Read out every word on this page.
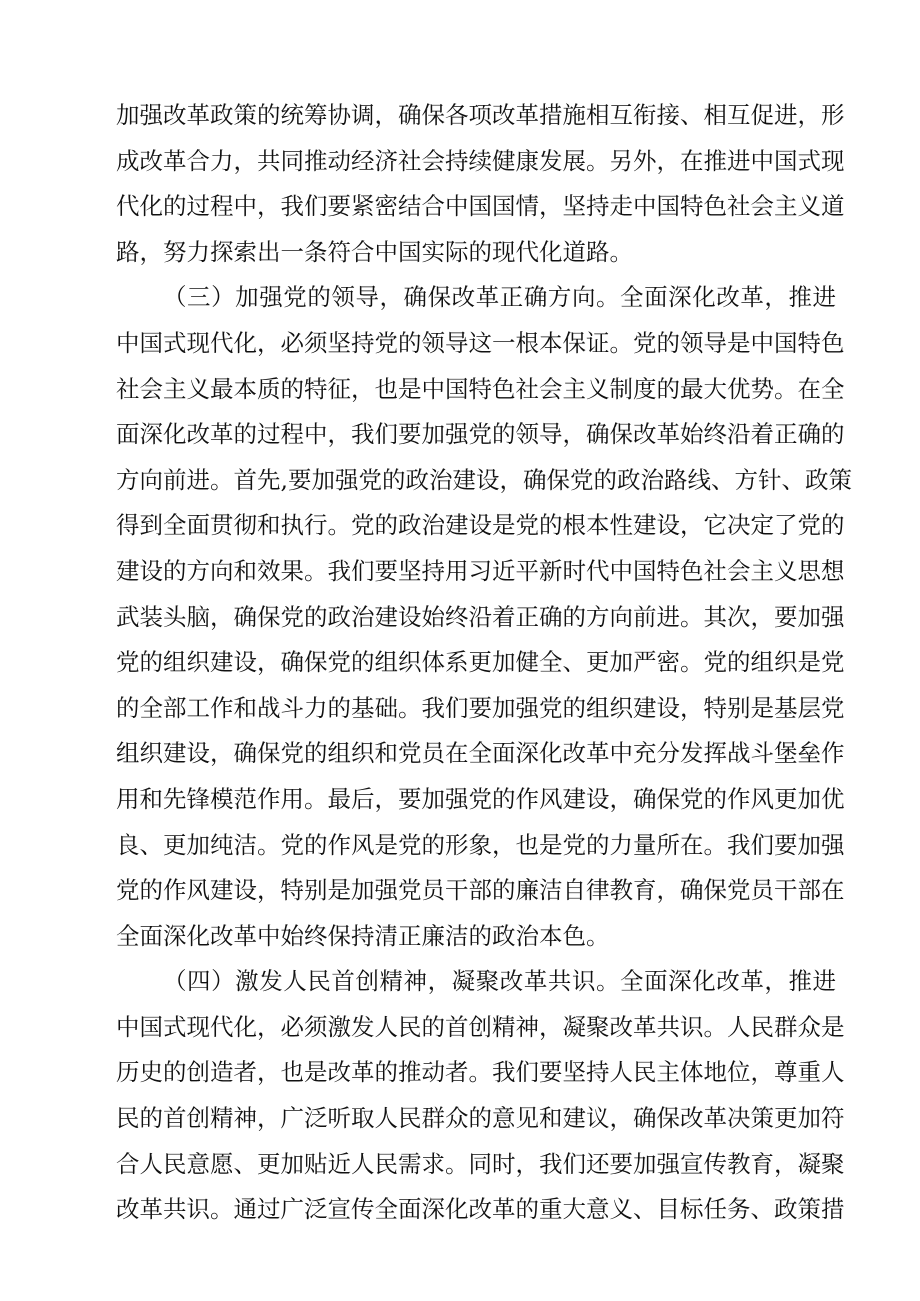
加强改革政策的统筹协调，确保各项改革措施相互衔接、相互促进，形
成改革合力，共同推动经济社会持续健康发展。另外，在推进中国式现
代化的过程中，我们要紧密结合中国国情，坚持走中国特色社会主义道
路，努力探索出一条符合中国实际的现代化道路。
（三）加强党的领导，确保改革正确方向。全面深化改革，推进
中国式现代化，必须坚持党的领导这一根本保证。党的领导是中国特色
社会主义最本质的特征，也是中国特色社会主义制度的最大优势。在全
面深化改革的过程中，我们要加强党的领导，确保改革始终沿着正确的
方向前进。首先,要加强党的政治建设，确保党的政治路线、方针、政策
得到全面贯彻和执行。党的政治建设是党的根本性建设，它决定了党的
建设的方向和效果。我们要坚持用习近平新时代中国特色社会主义思想
武装头脑，确保党的政治建设始终沿着正确的方向前进。其次，要加强
党的组织建设，确保党的组织体系更加健全、更加严密。党的组织是党
的全部工作和战斗力的基础。我们要加强党的组织建设，特别是基层党
组织建设，确保党的组织和党员在全面深化改革中充分发挥战斗堡垒作
用和先锋模范作用。最后，要加强党的作风建设，确保党的作风更加优
良、更加纯洁。党的作风是党的形象，也是党的力量所在。我们要加强
党的作风建设，特别是加强党员干部的廉洁自律教育，确保党员干部在
全面深化改革中始终保持清正廉洁的政治本色。
（四）激发人民首创精神，凝聚改革共识。全面深化改革，推进
中国式现代化，必须激发人民的首创精神，凝聚改革共识。人民群众是
历史的创造者，也是改革的推动者。我们要坚持人民主体地位，尊重人
民的首创精神，广泛听取人民群众的意见和建议，确保改革决策更加符
合人民意愿、更加贴近人民需求。同时，我们还要加强宣传教育，凝聚
改革共识。通过广泛宣传全面深化改革的重大意义、目标任务、政策措
